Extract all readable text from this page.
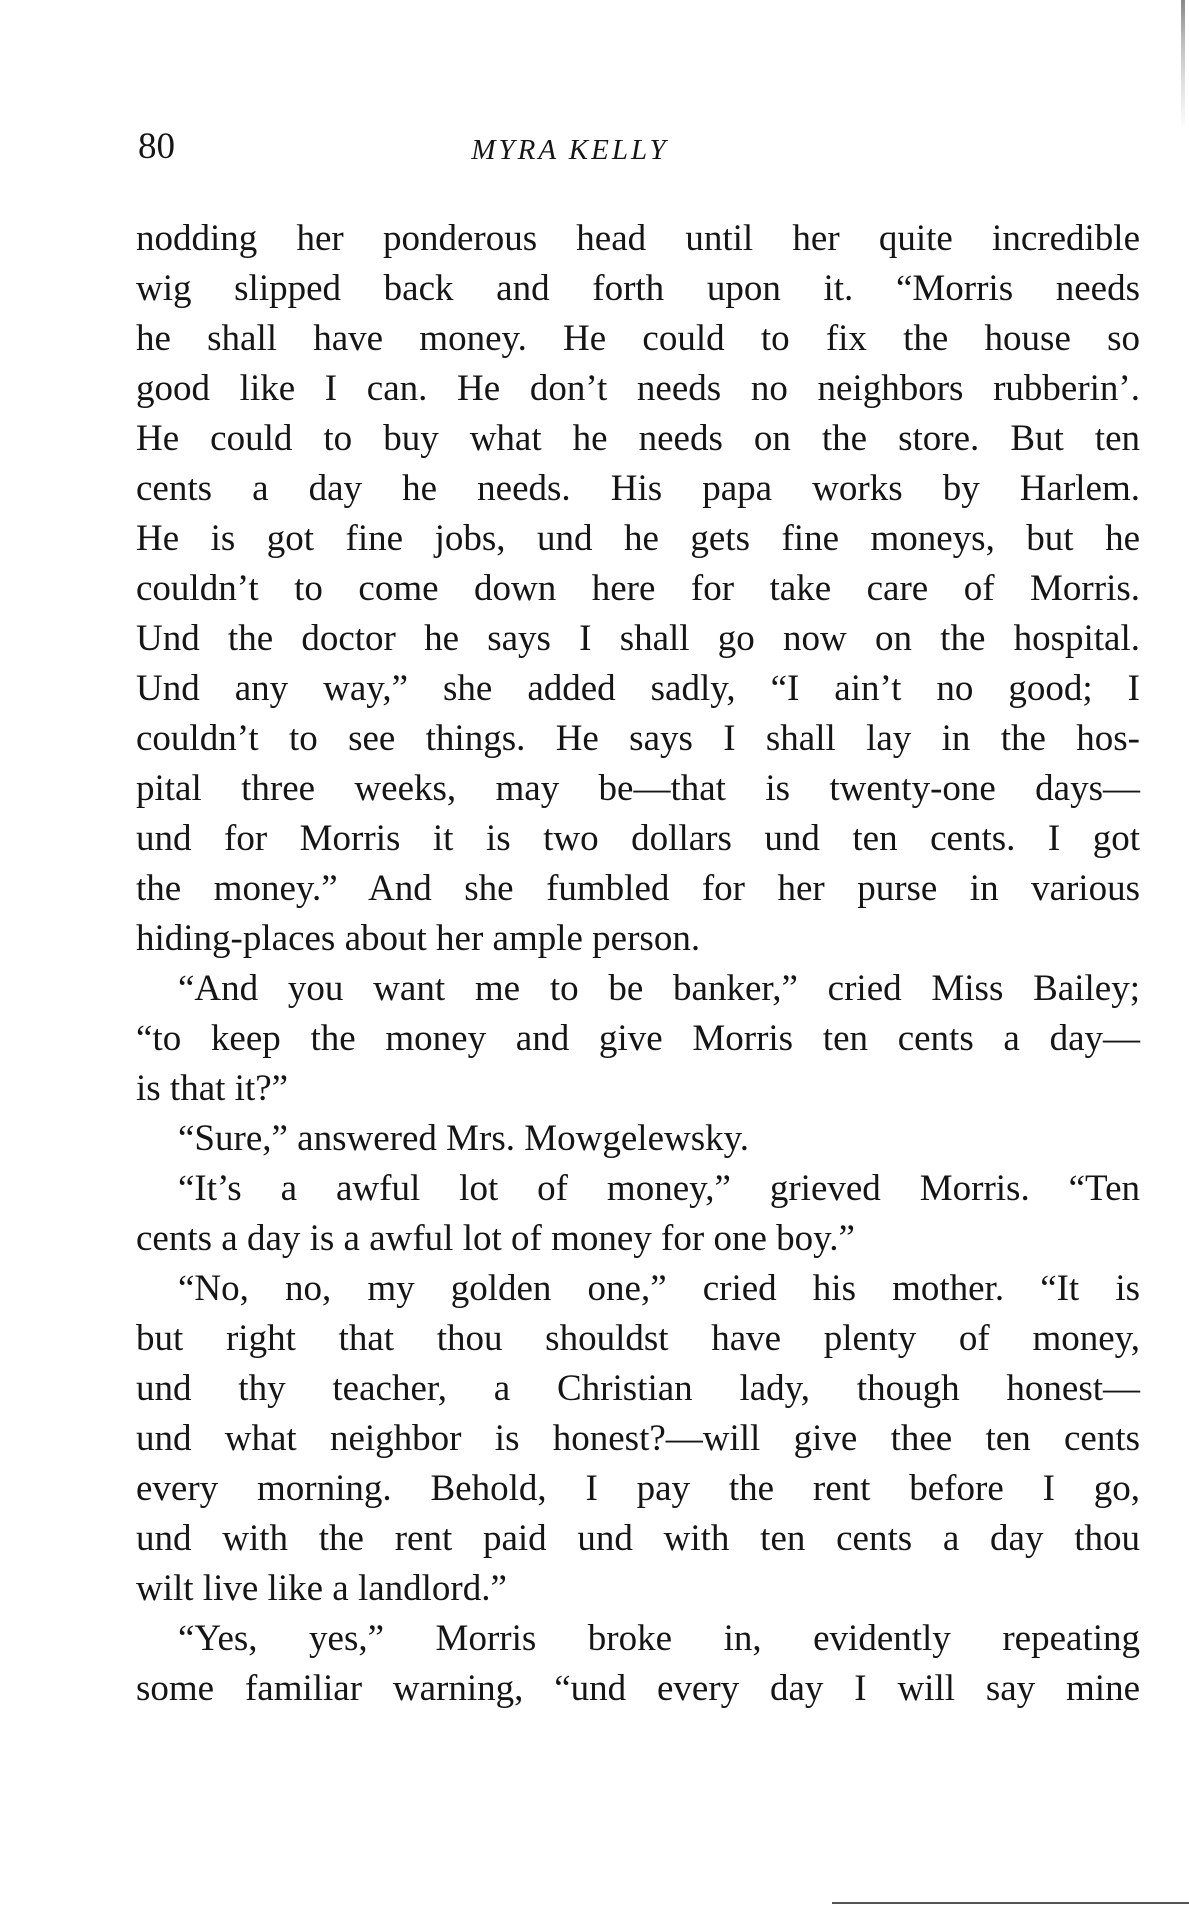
80	MYRA KELLY
nodding her ponderous head until her quite incredible
wig slipped back and forth upon it. “Morris needs
he shall have money. He could to fix the house so
good like I can. He don’t needs no neighbors rubberin’.
He could to buy what he needs on the store. But ten
cents a day he needs. His papa works by Harlem.
He is got fine jobs, und he gets fine moneys, but he
couldn’t to come down here for take care of Morris.
Und the doctor he says I shall go now on the hospital.
Und any way,” she added sadly, “I ain’t no good; I
couldn’t to see things. He says I shall lay in the hos-
pital three weeks, may be—that is twenty-one days—
und for Morris it is two dollars und ten cents. I got
the money.” And she fumbled for her purse in various
hiding-places about her ample person.
“And you want me to be banker,” cried Miss Bailey;
“to keep the money and give Morris ten cents a day—
is that it?”
“Sure,” answered Mrs. Mowgelewsky.
“It’s a awful lot of money,” grieved Morris. “Ten
cents a day is a awful lot of money for one boy.”
“No, no, my golden one,” cried his mother. “It is
but right that thou shouldst have plenty of money,
und thy teacher, a Christian lady, though honest—
und what neighbor is honest?—will give thee ten cents
every morning. Behold, I pay the rent before I go,
und with the rent paid und with ten cents a day thou
wilt live like a landlord.”
“Yes, yes,” Morris broke in, evidently repeating
some familiar warning, “und every day I will say mine
